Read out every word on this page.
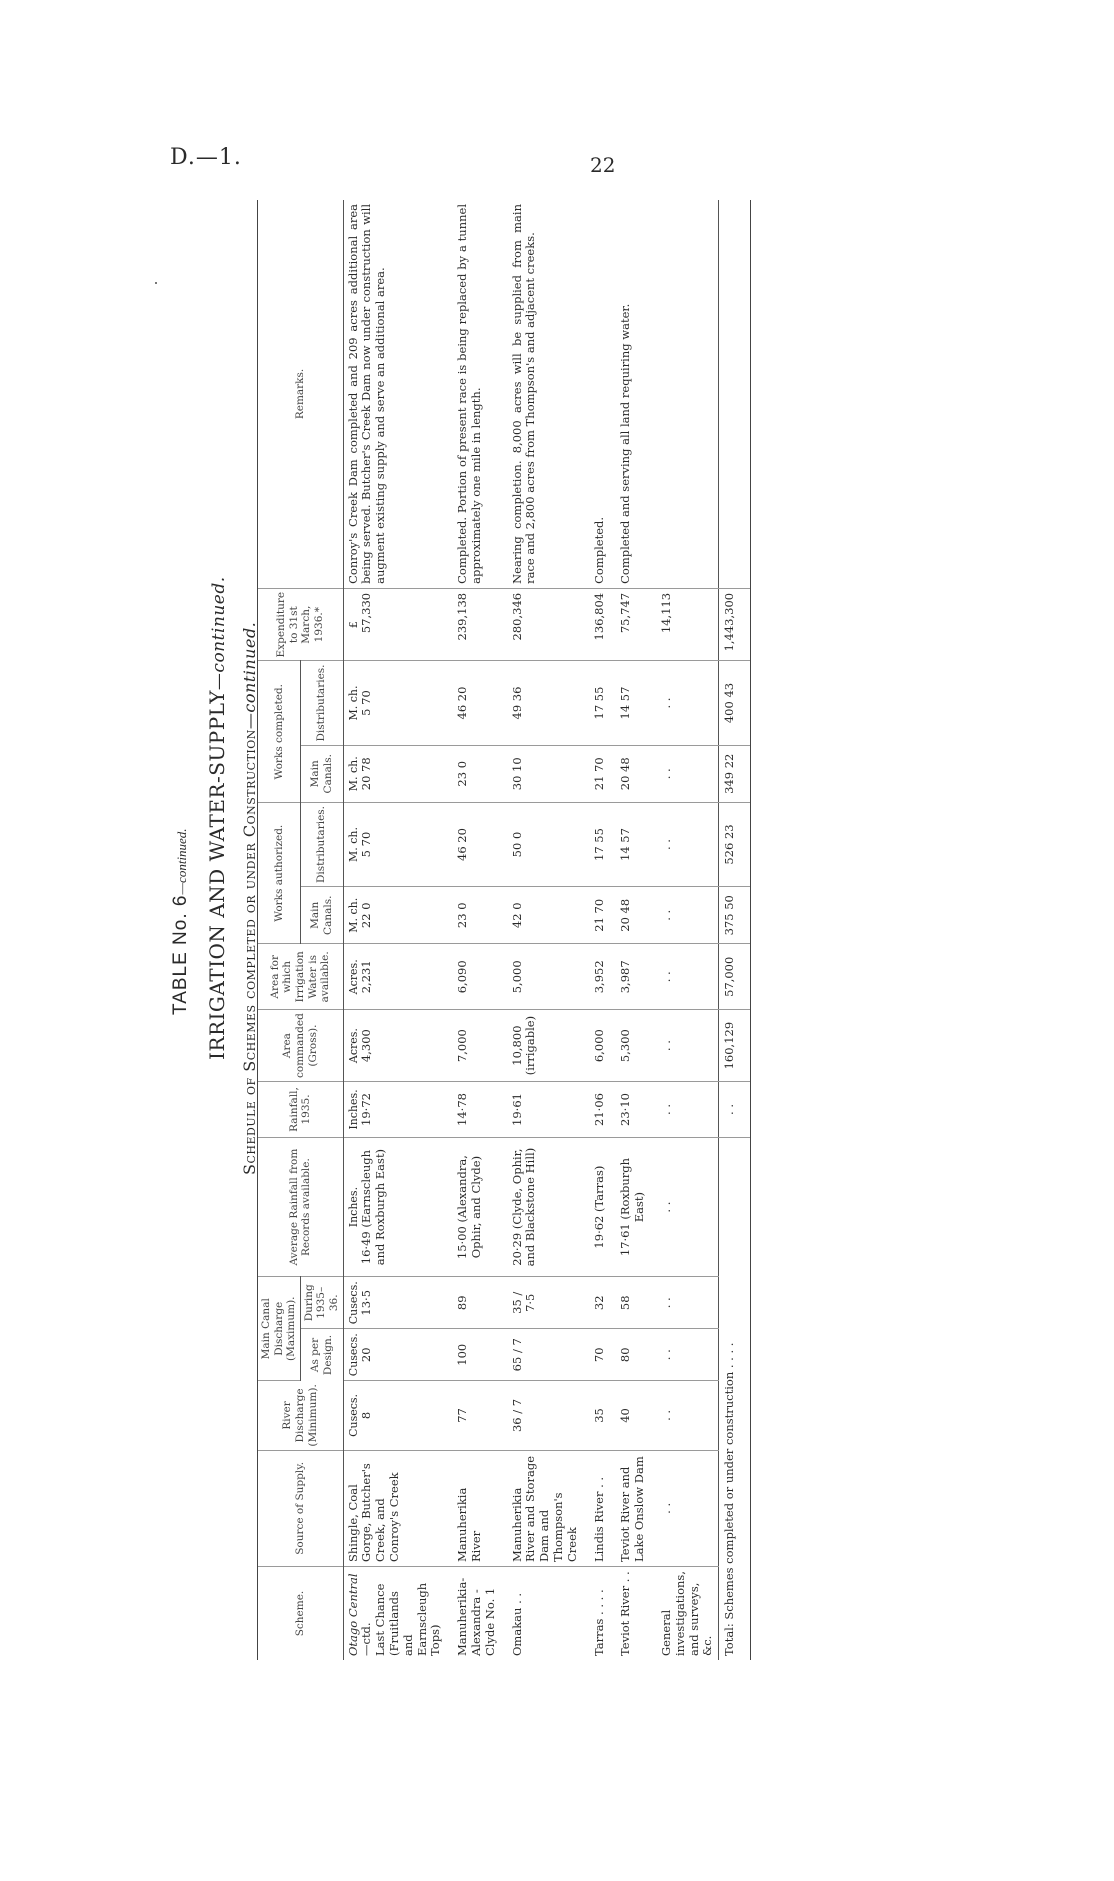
D.—1.	22
TABLE No. 6—continued. IRRIGATION AND WATER-SUPPLY—continued.
Schedule of Schemes completed or under Construction—continued.
Scheme.	Source of Supply.	River Discharge (Minimum).	Main Canal Discharge (Maximum).		Average Rainfall from Records available.	Rainfall, 1935.	Area commanded (Gross).	Area for which Irrigation Water is available.	Works authorized.		Works completed.		Expenditure to 31st March, 1936.*	Remarks.
			As per Design.	During 1935–36.					Main Canals.	Distributaries.	Main Canals.	Distributaries.		
Otago Central—ctd.
Last Chance (Fruitlands and Earnscleugh Tops)	Shingle, Coal Gorge, Butcher's Creek, and Conroy's Creek	Cusecs. 8	Cusecs. 20	Cusecs. 13·5	Inches. 16·49 (Earnscleugh and Roxburgh East)	Inches. 19·72	Acres. 4,300	Acres. 2,231	M. ch. 22 0	M. ch. 5 70	M. ch. 20 78	M. ch. 5 70	£ 57,330	Conroy's Creek Dam completed and 209 acres additional area being served. Butcher's Creek Dam now under construction will augment existing supply and serve an additional area.
Manuherikia-Alexandra - Clyde No. 1	Manuherikia River	77	100	89	15·00 (Alexandra, Ophir, and Clyde)	14·78	7,000	6,090	23 0	46 20	23 0	46 20	239,138	Completed. Portion of present race is being replaced by a tunnel approximately one mile in length.
Omakau . .	Manuherikia River and Storage Dam and Thompson's Creek	36 / 7	65 / 7	35 / 7·5	20·29 (Clyde, Ophir, and Blackstone Hill)	19·61	10,800 (irrigable)	5,000	42 0	50 0	30 10	49 36	280,346	Nearing completion. 8,000 acres will be supplied from main race and 2,800 acres from Thompson's and adjacent creeks.
Tarras . . . .	Lindis River . .	35	70	32	19·62 (Tarras)	21·06	6,000	3,952	21 70	17 55	21 70	17 55	136,804	Completed.
Teviot River . .	Teviot River and Lake Onslow Dam	40	80	58	17·61 (Roxburgh East)	23·10	5,300	3,987	20 48	14 57	20 48	14 57	75,747	Completed and serving all land requiring water.
General investigations, and surveys, &c.	. .	. .	. .	. .	. .	. .	. .	. .	. .	. .	. .	. .	14,113	
Total: Schemes completed or under construction . . . .						. .	160,129	57,000	375 50	526 23	349 22	400 43	1,443,300	
